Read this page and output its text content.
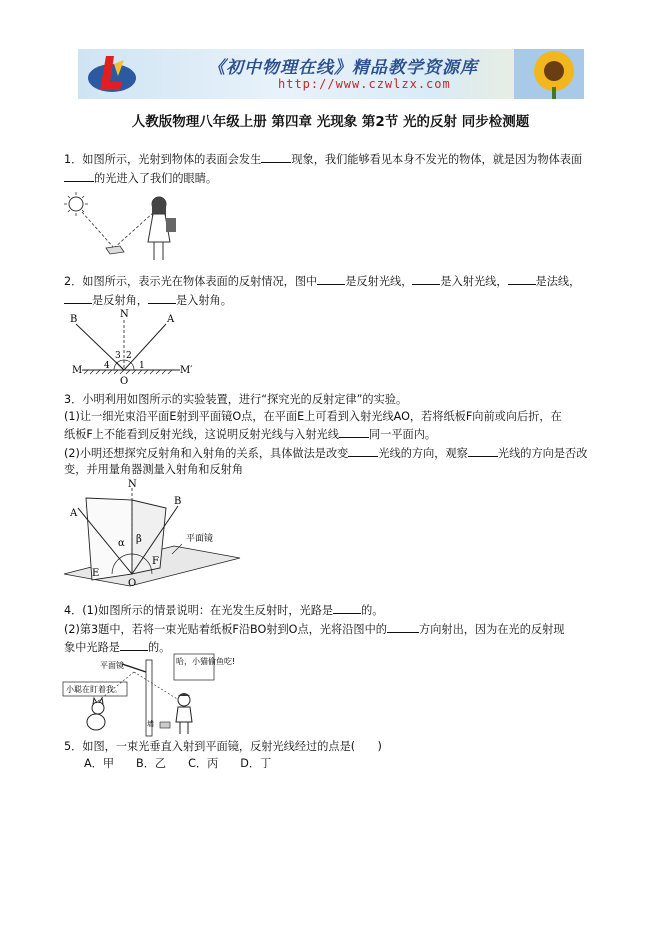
《初中物理在线》精品教学资源库
http://www.czwlzx.com
人教版物理八年级上册 第四章 光现象 第2节 光的反射 同步检测题

1．如图所示，光射到物体的表面会发生	现象，我们能够看见本身不发光的物体，就是因为物体表面

的光进入了我们的眼睛。

2．如图所示，表示光在物体表面的反射情况，图中	是反射光线，	是入射光线，	是法线，

是反射角，	是入射角。

B	N	A
M	M′
O
4
3 2
1

3．小明利用如图所示的实验装置，进行“探究光的反射定律”的实验。

(1)让一细光束沿平面E射到平面镜O点，在平面E上可看到入射光线AO，若将纸板F向前或向后折，在

纸板F上不能看到反射光线，这说明反射光线与入射光线	同一平面内。

(2)小明还想探究反射角和入射角的关系，具体做法是改变	光线的方向，观察	光线的方向是否改

变，并用量角器测量入射角和反射角

N
A
B
α β
E
F
O
平面镜

4．(1)如图所示的情景说明：在光发生反射时，光路是	的。

(2)第3题中，若将一束光贴着纸板F沿BO射到O点，光将沿图中的	方向射出，因为在光的反射现

象中光路是	的。

墙
平面镜
小聪在盯着我。
哈，小猫偷鱼吃!

5．如图，一束光垂直入射到平面镜，反射光线经过的点是(　　)

A．甲 B．乙 C．丙 D．丁
